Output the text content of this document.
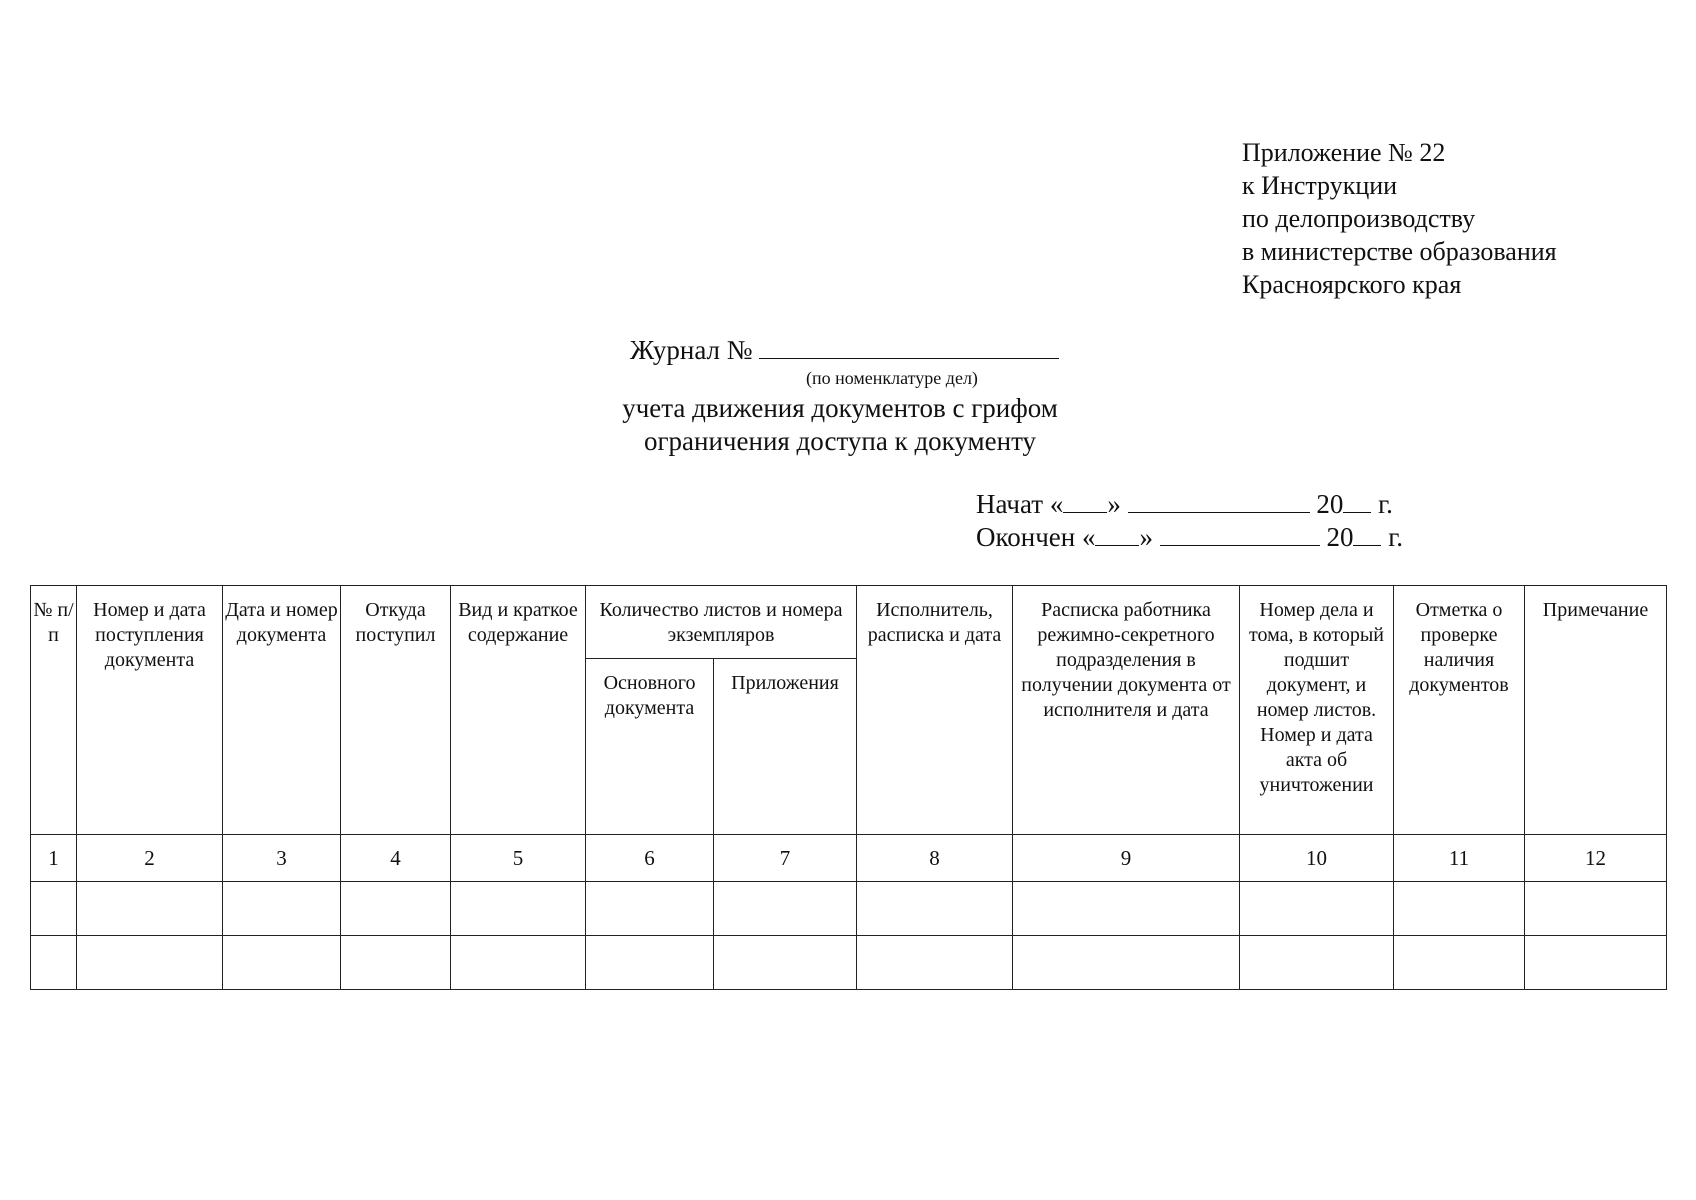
Приложение № 22
к Инструкции
по делопроизводству
в министерстве образования
Красноярского края
Журнал №
(по номенклатуре дел)
учета движения документов с грифом
ограничения доступа к документу
Начат « »	20 г.
Окончен « »	20 г.
№ п/п	Номер и дата поступления документа	Дата и номер документа	Откуда поступил	Вид и краткое содержание	Количество листов и номера экземпляров		Исполнитель, расписка и дата	Расписка работника режимно-секретного подразделения в получении документа от исполнителя и дата	Номер дела и тома, в который подшит документ, и номер листов. Номер и дата акта об уничтожении	Отметка о проверке наличия документов	Примечание
					Основного документа	Приложения					
1	2	3	4	5	6	7	8	9	10	11	12
